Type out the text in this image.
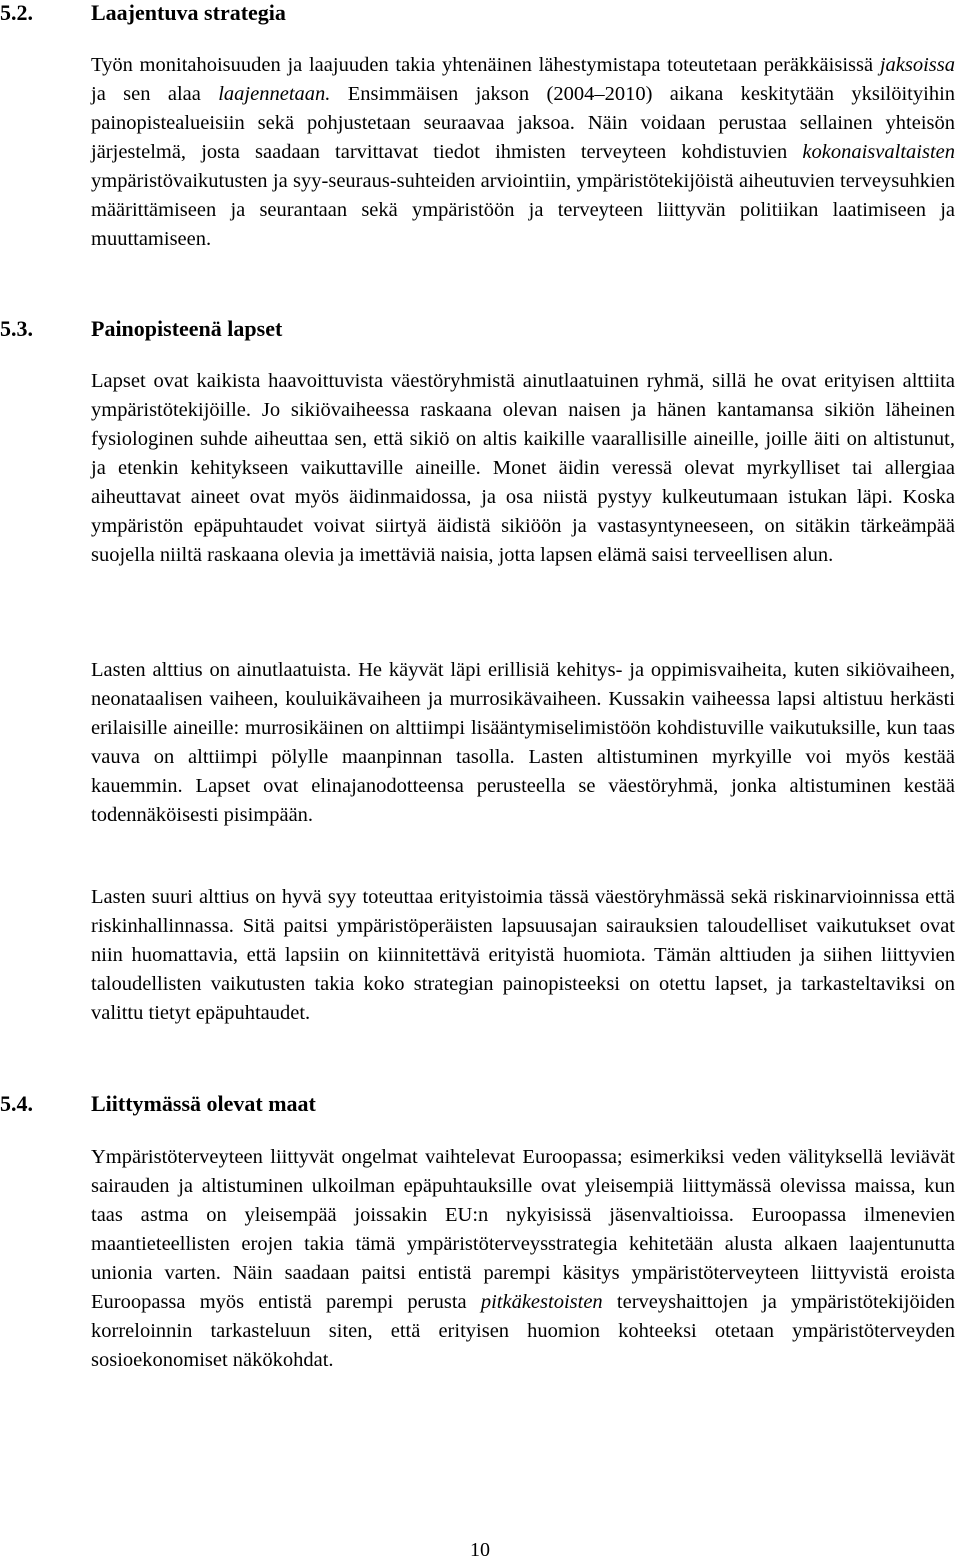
5.2.	Laajentuva strategia

Työn monitahoisuuden ja laajuuden takia yhtenäinen lähestymistapa toteutetaan peräkkäisissä jaksoissaja sen alaa laajennetaan. Ensimmäisen jakson (2004–2010) aikana keskitytään yksilöityihin painopistealueisiin sekä pohjustetaan seuraavaa jaksoa. Näin voidaan perustaa sellainen yhteisön järjestelmä, josta saadaan tarvittavat tiedot ihmisten terveyteen kohdistuvien kokonaisvaltaistenympäristövaikutusten ja syy-seuraus-suhteiden arviointiin, ympäristötekijöistä aiheutuvien terveysuhkien määrittämiseen ja seurantaan sekä ympäristöön ja terveyteen liittyvän politiikan laatimiseen ja muuttamiseen.

5.3.	Painopisteenä lapset

Lapset ovat kaikista haavoittuvista väestöryhmistä ainutlaatuinen ryhmä, sillä he ovat erityisen alttiita ympäristötekijöille. Jo sikiövaiheessa raskaana olevan naisen ja hänen kantamansa sikiön läheinen fysiologinen suhde aiheuttaa sen, että sikiö on altis kaikille vaarallisille aineille, joille äiti on altistunut, ja etenkin kehitykseen vaikuttaville aineille. Monet äidin veressä olevat myrkylliset tai allergiaa aiheuttavat aineet ovat myös äidinmaidossa, ja osa niistä pystyy kulkeutumaan istukan läpi. Koska ympäristön epäpuhtaudet voivat siirtyä äidistä sikiöön ja vastasyntyneeseen, on sitäkin tärkeämpää suojella niiltä raskaana olevia ja imettäviä naisia, jotta lapsen elämä saisi terveellisen alun.

Lasten alttius on ainutlaatuista. He käyvät läpi erillisiä kehitys- ja oppimisvaiheita, kuten sikiövaiheen, neonataalisen vaiheen, kouluikävaiheen ja murrosikävaiheen. Kussakin vaiheessa lapsi altistuu herkästi erilaisille aineille: murrosikäinen on alttiimpi lisääntymiselimistöön kohdistuville vaikutuksille, kun taas vauva on alttiimpi pölylle maanpinnan tasolla. Lasten altistuminen myrkyille voi myös kestää kauemmin. Lapset ovat elinajanodotteensa perusteella se väestöryhmä, jonka altistuminen kestää todennäköisesti pisimpään.

Lasten suuri alttius on hyvä syy toteuttaa erityistoimia tässä väestöryhmässä sekä riskinarvioinnissa että riskinhallinnassa. Sitä paitsi ympäristöperäisten lapsuusajan sairauksien taloudelliset vaikutukset ovat niin huomattavia, että lapsiin on kiinnitettävä erityistä huomiota. Tämän alttiuden ja siihen liittyvien taloudellisten vaikutusten takia koko strategian painopisteeksi on otettu lapset, ja tarkasteltaviksi on valittu tietyt epäpuhtaudet.

5.4.	Liittymässä olevat maat

Ympäristöterveyteen liittyvät ongelmat vaihtelevat Euroopassa; esimerkiksi veden välityksellä leviävät sairauden ja altistuminen ulkoilman epäpuhtauksille ovat yleisempiä liittymässä olevissa maissa, kun taas astma on yleisempää joissakin EU:n nykyisissä jäsenvaltioissa. Euroopassa ilmenevien maantieteellisten erojen takia tämä ympäristöterveysstrategia kehitetään alusta alkaen laajentunutta unionia varten. Näin saadaan paitsi entistä parempi käsitys ympäristöterveyteen liittyvistä eroista Euroopassa myös entistä parempi perusta pitkäkestoisten terveyshaittojen ja ympäristötekijöiden korreloinnin tarkasteluun siten, että erityisen huomion kohteeksi otetaan ympäristöterveyden sosioekonomiset näkökohdat.

10
